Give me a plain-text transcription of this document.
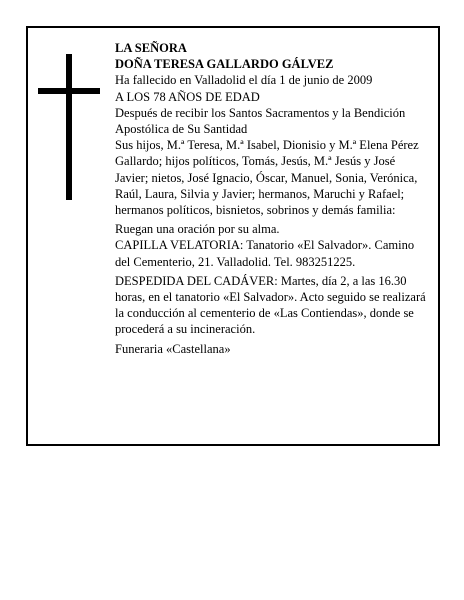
LA SEÑORA

DOÑA TERESA GALLARDO GÁLVEZ

Ha fallecido en Valladolid el día 1 de junio de 2009

A LOS 78 AÑOS DE EDAD

Después de recibir los Santos Sacramentos y la Bendición Apostólica de Su Santidad

Sus hijos, M.ª Teresa, M.ª Isabel, Dionisio y M.ª Elena Pérez Gallardo; hijos políticos, Tomás, Jesús, M.ª Jesús y José Javier; nietos, José Ignacio, Óscar, Manuel, Sonia, Verónica, Raúl, Laura, Silvia y Javier; hermanos, Maruchi y Rafael; hermanos políticos, bisnietos, sobrinos y demás familia:

Ruegan una oración por su alma.

CAPILLA VELATORIA: Tanatorio «El Salvador». Camino del Cementerio, 21. Valladolid. Tel. 983251225.

DESPEDIDA DEL CADÁVER: Martes, día 2, a las 16.30 horas, en el tanatorio «El Salvador». Acto seguido se realizará la conducción al cementerio de «Las Contiendas», donde se procederá a su incineración.

Funeraria «Castellana»
